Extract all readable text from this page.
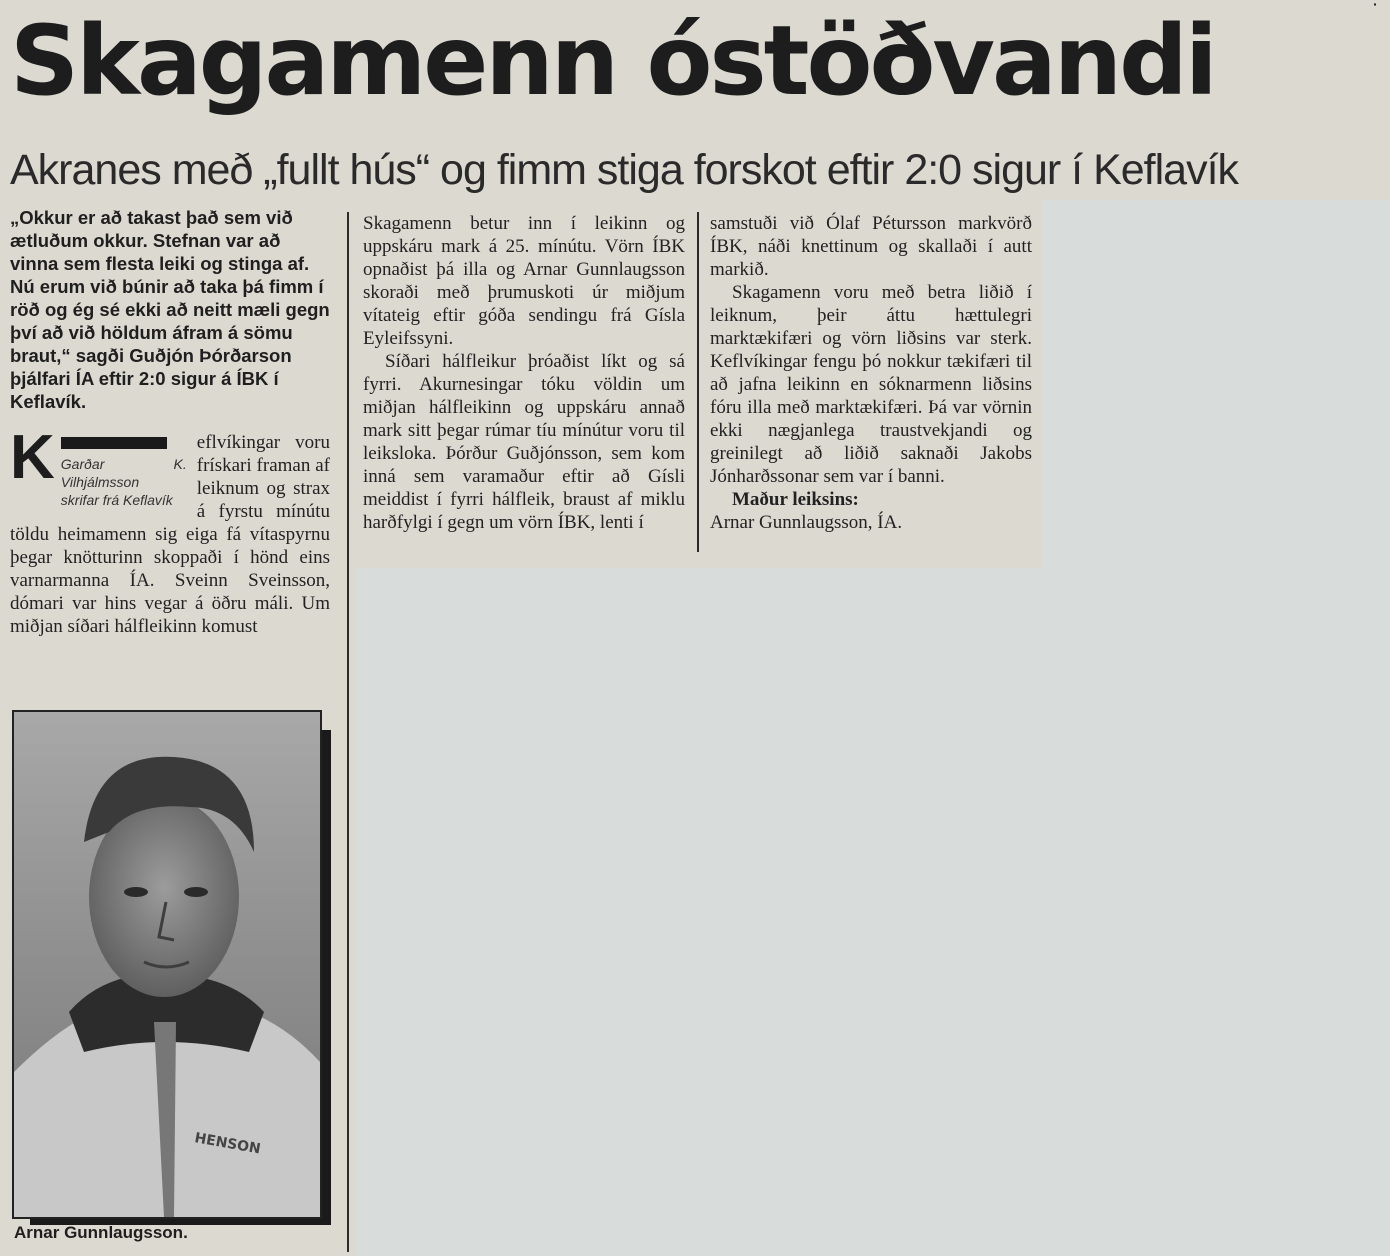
˙
Skagamenn óstöðvandi
Akranes með „fullt hús“ og fimm stiga forskot eftir 2:0 sigur í Keflavík
„Okkur er að takast það sem við ætluðum okkur. Stefnan var að vinna sem flesta leiki og stinga af. Nú erum við búnir að taka þá fimm í röð og ég sé ekki að neitt mæli gegn því að við höldum áfram á sömu braut,“ sagði Guðjón Þórðarson þjálfari ÍA eftir 2:0 sigur á ÍBK í Keflavík.

K Garðar K. Vilhjálmsson
skrifar frá Keflavík
eflvíkingar voru frískari framan af leiknum og strax á fyrstu mínútu töldu heimamenn sig eiga fá vítaspyrnu þegar knötturinn skoppaði í hönd eins varnarmanna ÍA. Sveinn Sveinsson, dómari var hins vegar á öðru máli. Um miðjan síðari hálfleikinn komust

Skagamenn betur inn í leikinn og uppskáru mark á 25. mínútu. Vörn ÍBK opnaðist þá illa og Arnar Gunnlaugsson skoraði með þrumuskoti úr miðjum vítateig eftir góða sendingu frá Gísla Eyleifssyni.

Síðari hálfleikur þróaðist líkt og sá fyrri. Akurnesingar tóku völdin um miðjan hálfleikinn og uppskáru annað mark sitt þegar rúmar tíu mínútur voru til leiksloka. Þórður Guðjónsson, sem kom inná sem varamaður eftir að Gísli meiddist í fyrri hálfleik, braust af miklu harðfylgi í gegn um vörn ÍBK, lenti í

samstuði við Ólaf Pétursson markvörð ÍBK, náði knettinum og skallaði í autt markið.

Skagamenn voru með betra liðið í leiknum, þeir áttu hættulegri marktækifæri og vörn liðsins var sterk. Keflvíkingar fengu þó nokkur tækifæri til að jafna leikinn en sóknarmenn liðsins fóru illa með marktækifæri. Þá var vörnin ekki nægjanlega traustvekjandi og greinilegt að liðið saknaði Jakobs Jónharðssonar sem var í banni.

Maður leiksins:

Arnar Gunnlaugsson, ÍA.

HENSON
Arnar Gunnlaugsson.
